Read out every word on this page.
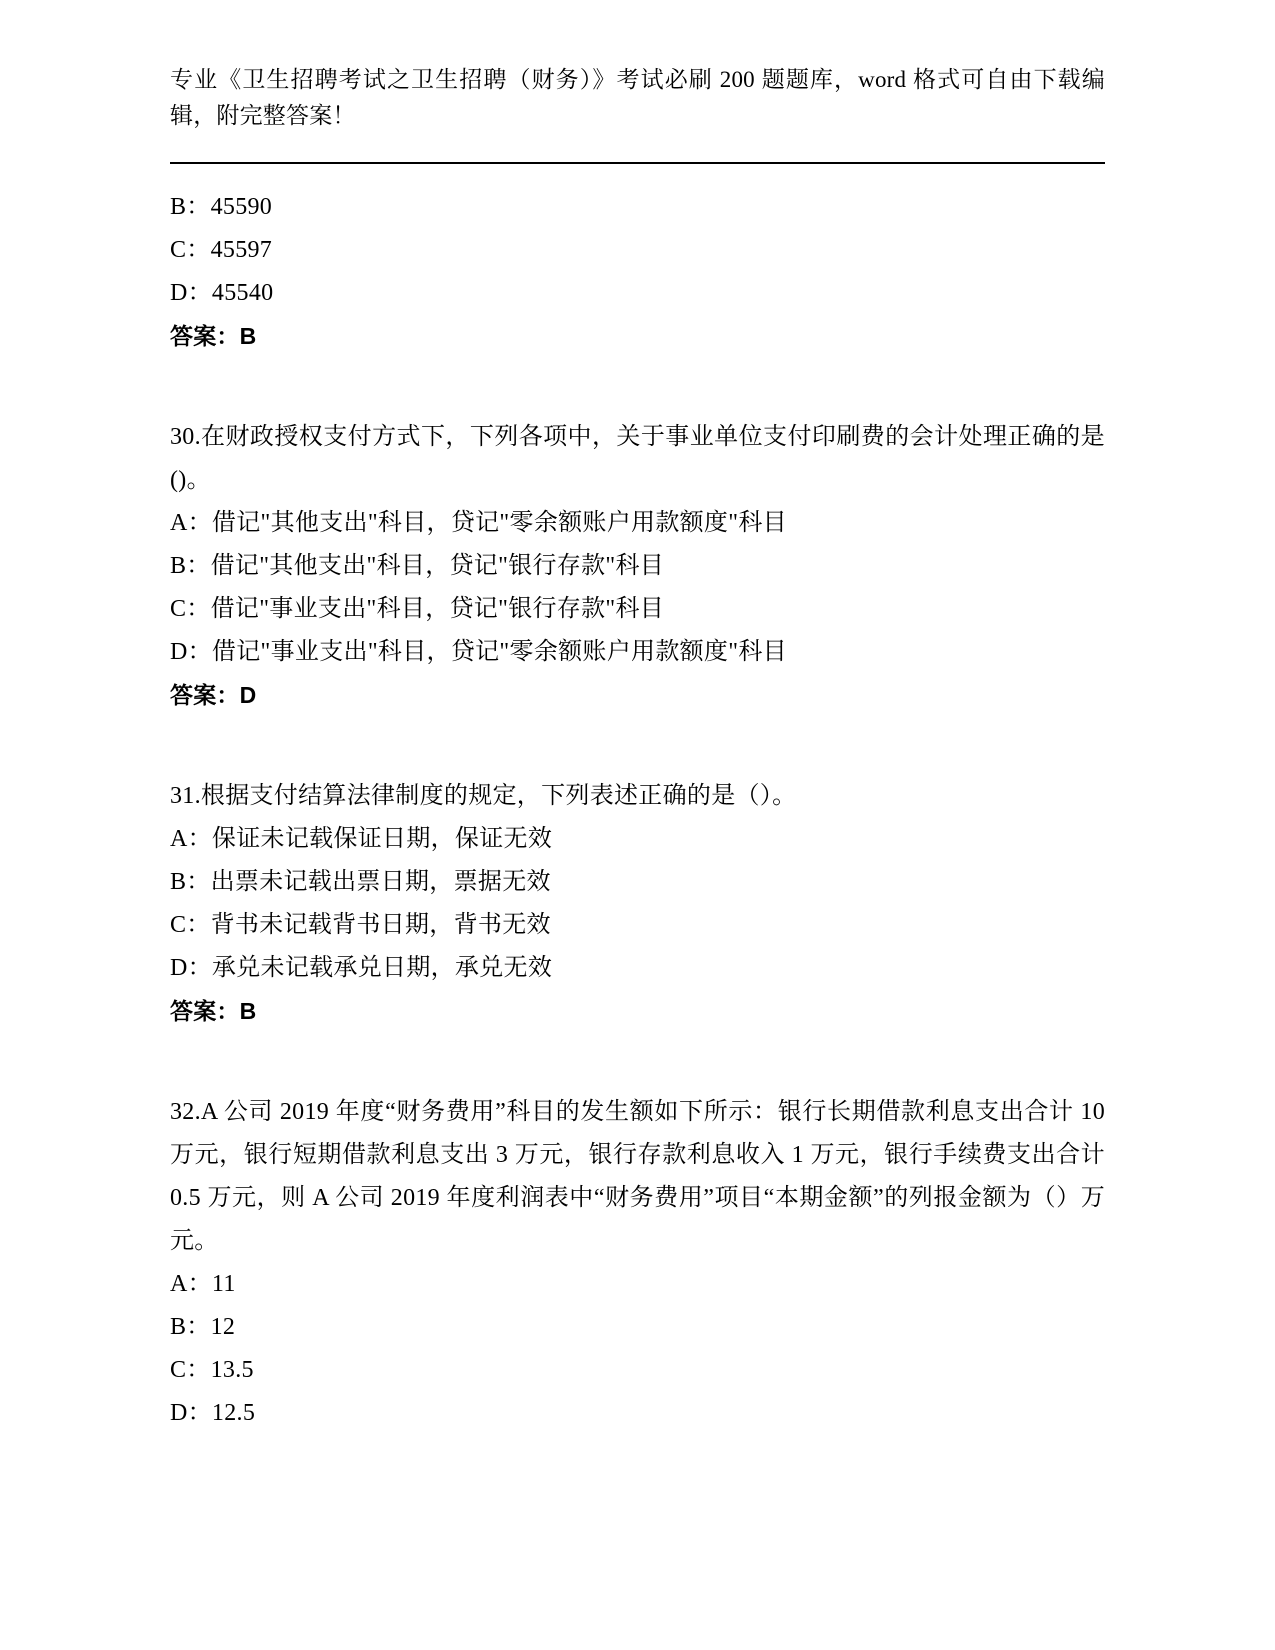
专业《卫生招聘考试之卫生招聘（财务）》考试必刷 200 题题库，word 格式可自由下载编辑，附完整答案！
B：45590
C：45597
D：45540
答案：B
30.在财政授权支付方式下，下列各项中，关于事业单位支付印刷费的会计处理正确的是()。
A：借记"其他支出"科目，贷记"零余额账户用款额度"科目
B：借记"其他支出"科目，贷记"银行存款"科目
C：借记"事业支出"科目，贷记"银行存款"科目
D：借记"事业支出"科目，贷记"零余额账户用款额度"科目
答案：D
31.根据支付结算法律制度的规定，下列表述正确的是（）。
A：保证未记载保证日期，保证无效
B：出票未记载出票日期，票据无效
C：背书未记载背书日期，背书无效
D：承兑未记载承兑日期，承兑无效
答案：B
32.A 公司 2019 年度“财务费用”科目的发生额如下所示：银行长期借款利息支出合计 10 万元，银行短期借款利息支出 3 万元，银行存款利息收入 1 万元，银行手续费支出合计 0.5 万元，则 A 公司 2019 年度利润表中“财务费用”项目“本期金额”的列报金额为（）万元。
A：11
B：12
C：13.5
D：12.5
